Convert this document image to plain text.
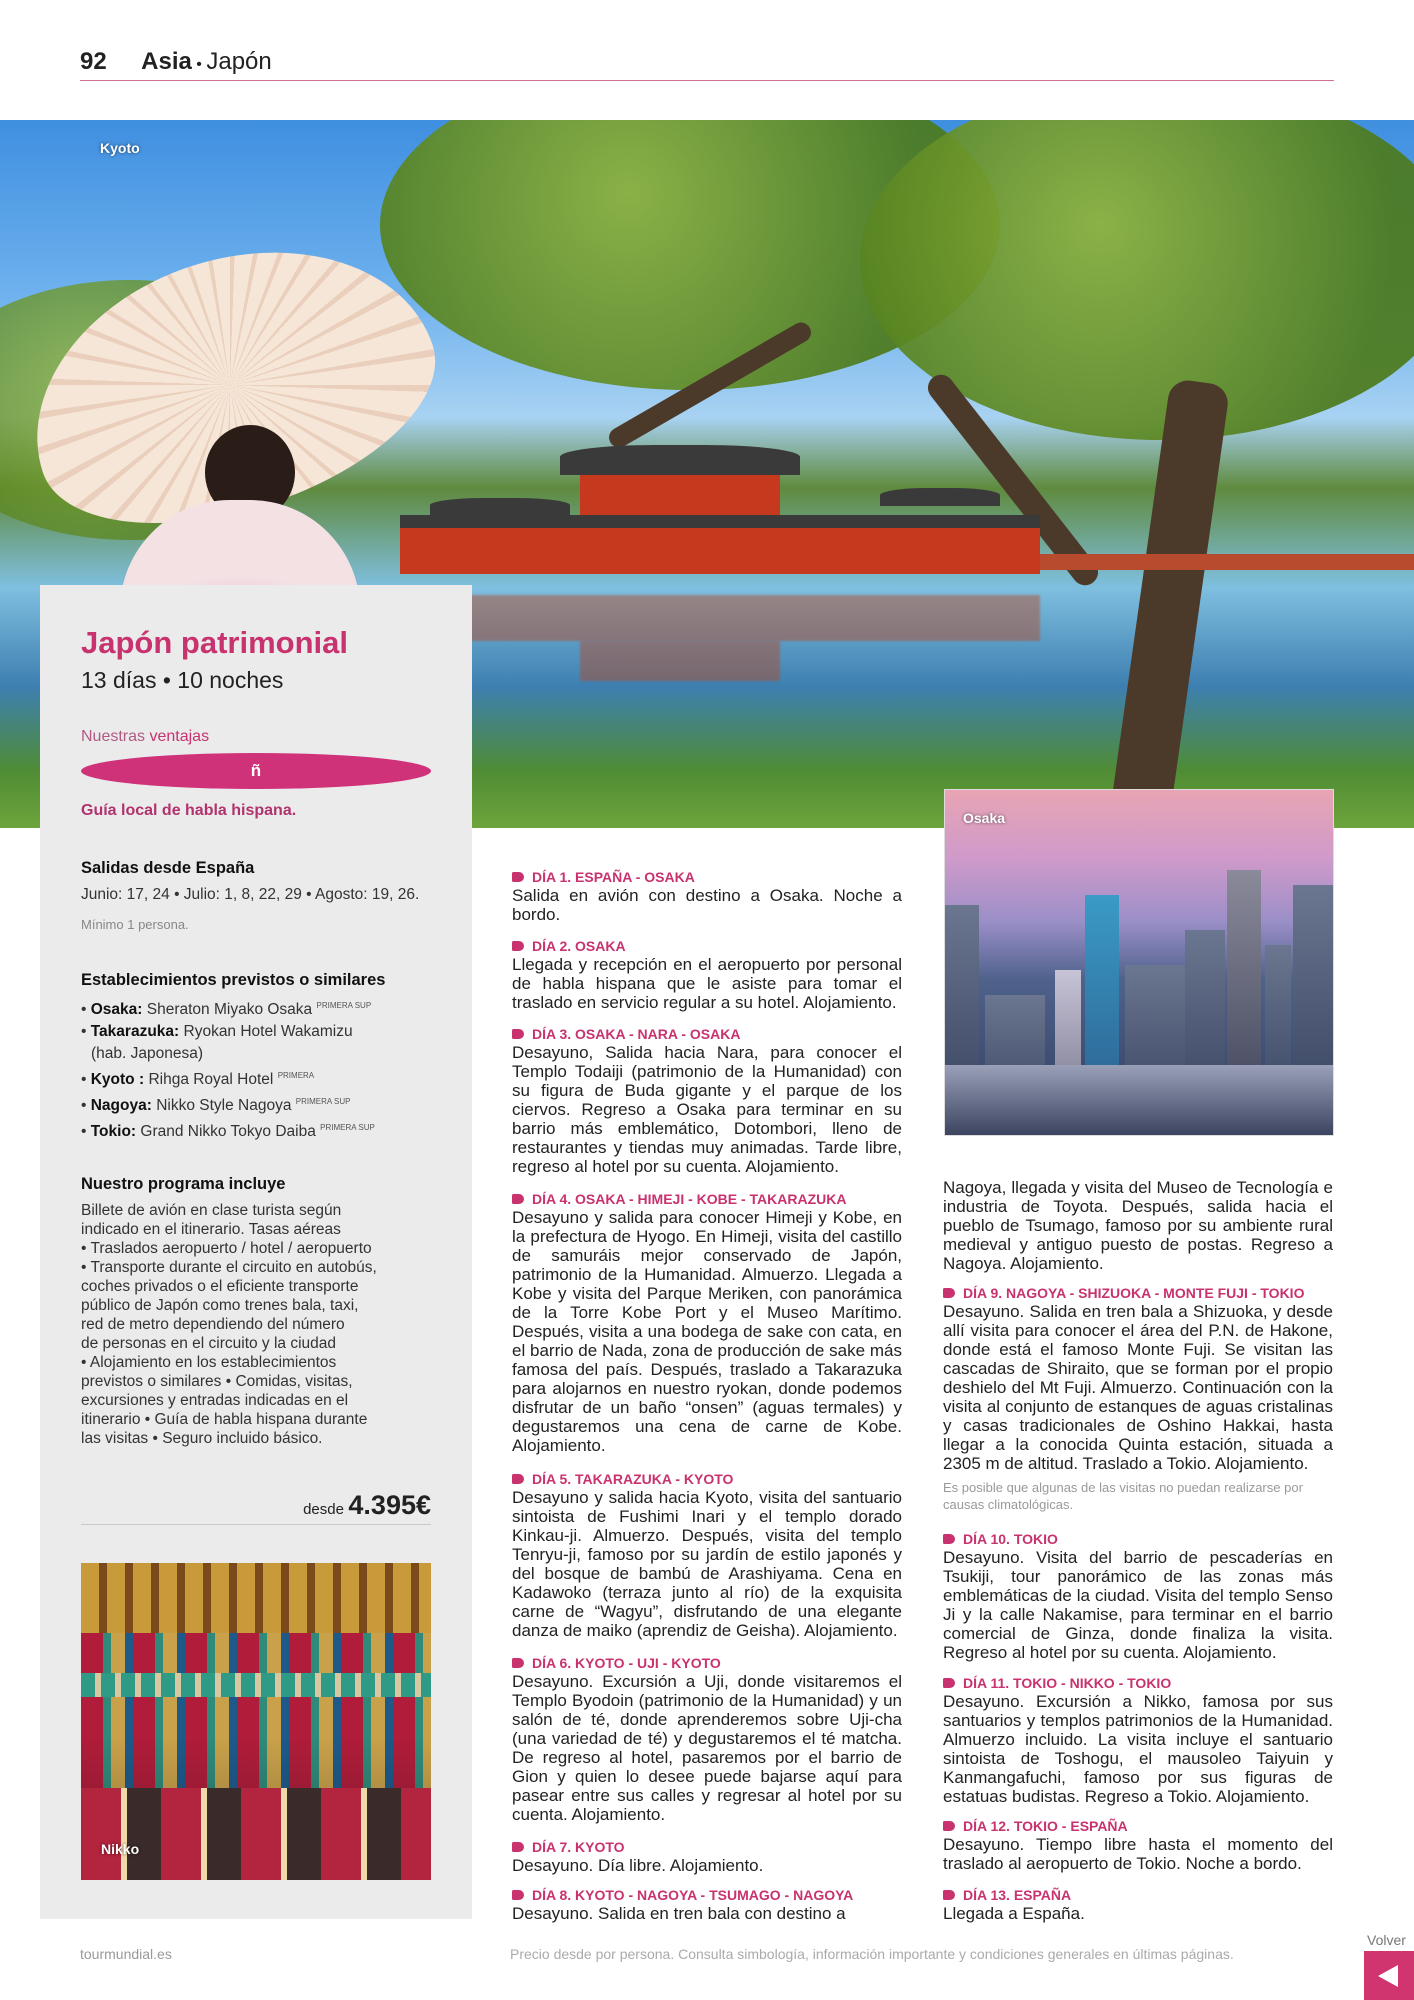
92 Asia • Japón
Kyoto
Japón patrimonial
13 días • 10 noches
Nuestras ventajas
ñ
Guía local de habla hispana.
Salidas desde España
Junio: 17, 24 • Julio: 1, 8, 22, 29 • Agosto: 19, 26.
Mínimo 1 persona.
Establecimientos previstos o similares
• Osaka: Sheraton Miyako Osaka $^{PRIMERA SUP}$
• Takarazuka: Ryokan Hotel Wakamizu
(hab. Japonesa)
• Kyoto : Rihga Royal Hotel $^{PRIMERA}$
• Nagoya: Nikko Style Nagoya $^{PRIMERA SUP}$
• Tokio: Grand Nikko Tokyo Daiba $^{PRIMERA SUP}$
Nuestro programa incluye
Billete de avión en clase turista según
indicado en el itinerario. Tasas aéreas
• Traslados aeropuerto / hotel / aeropuerto
• Transporte durante el circuito en autobús,
coches privados o el eficiente transporte
público de Japón como trenes bala, taxi,
red de metro dependiendo del número
de personas en el circuito y la ciudad
• Alojamiento en los establecimientos
previstos o similares • Comidas, visitas,
excursiones y entradas indicadas en el
itinerario • Guía de habla hispana durante
las visitas • Seguro incluido básico.
desde 4.395€
Nikko
Osaka
DÍA 1. ESPAÑA - OSAKA
Salida en avión con destino a Osaka. Noche a bordo.
DÍA 2. OSAKA
Llegada y recepción en el aeropuerto por personal de habla hispana que le asiste para tomar el traslado en servicio regular a su hotel. Alojamiento.
DÍA 3. OSAKA - NARA - OSAKA
Desayuno, Salida hacia Nara, para conocer el Templo Todaiji (patrimonio de la Humanidad) con su figura de Buda gigante y el parque de los ciervos. Regreso a Osaka para terminar en su barrio más emblemático, Dotombori, lleno de restaurantes y tiendas muy animadas. Tarde libre, regreso al hotel por su cuenta. Alojamiento.
DÍA 4. OSAKA - HIMEJI - KOBE - TAKARAZUKA
Desayuno y salida para conocer Himeji y Kobe, en la prefectura de Hyogo. En Himeji, visita del castillo de samuráis mejor conservado de Japón, patrimonio de la Humanidad. Almuerzo. Llegada a Kobe y visita del Parque Meriken, con panorámica de la Torre Kobe Port y el Museo Marítimo. Después, visita a una bodega de sake con cata, en el barrio de Nada, zona de producción de sake más famosa del país. Después, traslado a Takarazuka para alojarnos en nuestro ryokan, donde podemos disfrutar de un baño “onsen” (aguas termales) y degustaremos una cena de carne de Kobe. Alojamiento.
DÍA 5. TAKARAZUKA - KYOTO
Desayuno y salida hacia Kyoto, visita del santuario sintoista de Fushimi Inari y el templo dorado Kinkau-ji. Almuerzo. Después, visita del templo Tenryu-ji, famoso por su jardín de estilo japonés y del bosque de bambú de Arashiyama. Cena en Kadawoko (terraza junto al río) de la exquisita carne de “Wagyu”, disfrutando de una elegante danza de maiko (aprendiz de Geisha). Alojamiento.
DÍA 6. KYOTO - UJI - KYOTO
Desayuno. Excursión a Uji, donde visitaremos el Templo Byodoin (patrimonio de la Humanidad) y un salón de té, donde aprenderemos sobre Uji-cha (una variedad de té) y degustaremos el té matcha. De regreso al hotel, pasaremos por el barrio de Gion y quien lo desee puede bajarse aquí para pasear entre sus calles y regresar al hotel por su cuenta. Alojamiento.
DÍA 7. KYOTO
Desayuno. Día libre. Alojamiento.
DÍA 8. KYOTO - NAGOYA - TSUMAGO - NAGOYA
Desayuno. Salida en tren bala con destino a
Nagoya, llegada y visita del Museo de Tecnología e industria de Toyota. Después, salida hacia el pueblo de Tsumago, famoso por su ambiente rural medieval y antiguo puesto de postas. Regreso a Nagoya. Alojamiento.
DÍA 9. NAGOYA - SHIZUOKA - MONTE FUJI - TOKIO
Desayuno. Salida en tren bala a Shizuoka, y desde allí visita para conocer el área del P.N. de Hakone, donde está el famoso Monte Fuji. Se visitan las cascadas de Shiraito, que se forman por el propio deshielo del Mt Fuji. Almuerzo. Continuación con la visita al conjunto de estanques de aguas cristalinas y casas tradicionales de Oshino Hakkai, hasta llegar a la conocida Quinta estación, situada a 2305 m de altitud. Traslado a Tokio. Alojamiento.
Es posible que algunas de las visitas no puedan realizarse por causas climatológicas.
DÍA 10. TOKIO
Desayuno. Visita del barrio de pescaderías en Tsukiji, tour panorámico de las zonas más emblemáticas de la ciudad. Visita del templo Senso Ji y la calle Nakamise, para terminar en el barrio comercial de Ginza, donde finaliza la visita. Regreso al hotel por su cuenta. Alojamiento.
DÍA 11. TOKIO - NIKKO - TOKIO
Desayuno. Excursión a Nikko, famosa por sus santuarios y templos patrimonios de la Humanidad. Almuerzo incluido. La visita incluye el santuario sintoista de Toshogu, el mausoleo Taiyuin y Kanmangafuchi, famoso por sus figuras de estatuas budistas. Regreso a Tokio. Alojamiento.
DÍA 12. TOKIO - ESPAÑA
Desayuno. Tiempo libre hasta el momento del traslado al aeropuerto de Tokio. Noche a bordo.
DÍA 13. ESPAÑA
Llegada a España.
tourmundial.es	Precio desde por persona. Consulta simbología, información importante y condiciones generales en últimas páginas.
Volver
